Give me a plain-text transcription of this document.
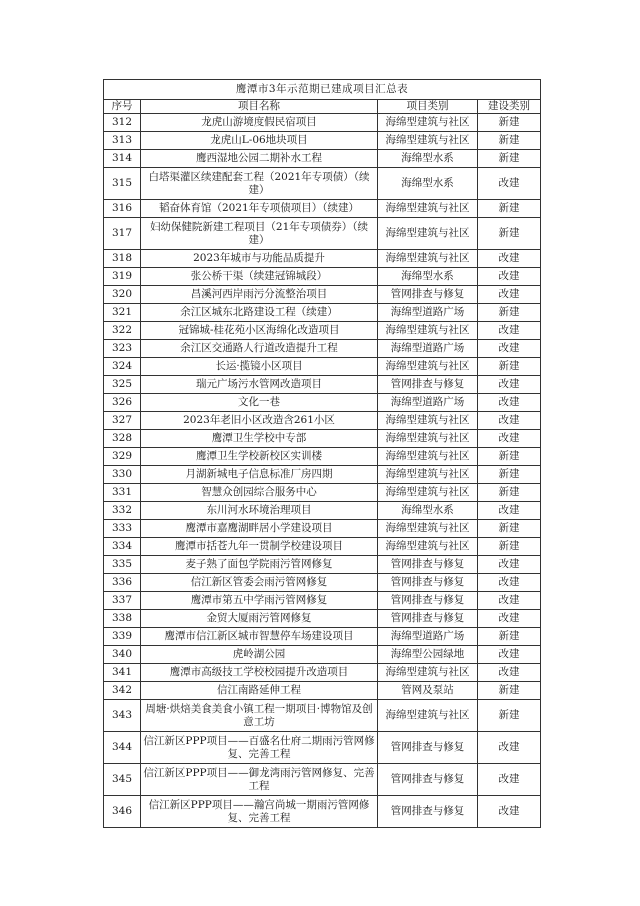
鹰潭市3年示范期已建成项目汇总表			
序号	项目名称	项目类别	建设类别
312	龙虎山游境度假民宿项目	海绵型建筑与社区	新建
313	龙虎山L-06地块项目	海绵型建筑与社区	新建
314	鹰西湿地公园二期补水工程	海绵型水系	新建
315	白塔渠灌区续建配套工程（2021年专项债）（续建）	海绵型水系	改建
316	韬奋体育馆（2021年专项债项目）（续建）	海绵型建筑与社区	新建
317	妇幼保健院新建工程项目（21年专项债券）（续建）	海绵型建筑与社区	新建
318	2023年城市与功能品质提升	海绵型建筑与社区	改建
319	张公桥干渠（续建冠锦城段）	海绵型水系	改建
320	昌溪河西岸雨污分流整治项目	管网排查与修复	改建
321	余江区城东北路建设工程（续建）	海绵型道路广场	新建
322	冠锦城-桂花苑小区海绵化改造项目	海绵型建筑与社区	改建
323	余江区交通路人行道改造提升工程	海绵型道路广场	改建
324	长运·揽镜小区项目	海绵型建筑与社区	新建
325	瑞元广场污水管网改造项目	管网排查与修复	改建
326	文化一巷	海绵型道路广场	改建
327	2023年老旧小区改造含261小区	海绵型建筑与社区	改建
328	鹰潭卫生学校中专部	海绵型建筑与社区	改建
329	鹰潭卫生学校新校区实训楼	海绵型建筑与社区	新建
330	月湖新城电子信息标准厂房四期	海绵型建筑与社区	新建
331	智慧众创园综合服务中心	海绵型建筑与社区	新建
332	东川河水环境治理项目	海绵型水系	改建
333	鹰潭市嘉鹰湖畔居小学建设项目	海绵型建筑与社区	新建
334	鹰潭市括苍九年一贯制学校建设项目	海绵型建筑与社区	新建
335	麦子熟了面包学院雨污管网修复	管网排查与修复	改建
336	信江新区管委会雨污管网修复	管网排查与修复	改建
337	鹰潭市第五中学雨污管网修复	管网排查与修复	改建
338	金贸大厦雨污管网修复	管网排查与修复	改建
339	鹰潭市信江新区城市智慧停车场建设项目	海绵型道路广场	新建
340	虎岭湖公园	海绵型公园绿地	改建
341	鹰潭市高级技工学校校园提升改造项目	海绵型建筑与社区	改建
342	信江南路延伸工程	管网及泵站	新建
343	周塘·烘焙美食美食小镇工程一期项目·博物馆及创意工坊	海绵型建筑与社区	新建
344	信江新区PPP项目——百盛名仕府二期雨污管网修复、完善工程	管网排查与修复	改建
345	信江新区PPP项目——御龙湾雨污管网修复、完善工程	管网排查与修复	改建
346	信江新区PPP项目——瀚宫尚城一期雨污管网修复、完善工程	管网排查与修复	改建
